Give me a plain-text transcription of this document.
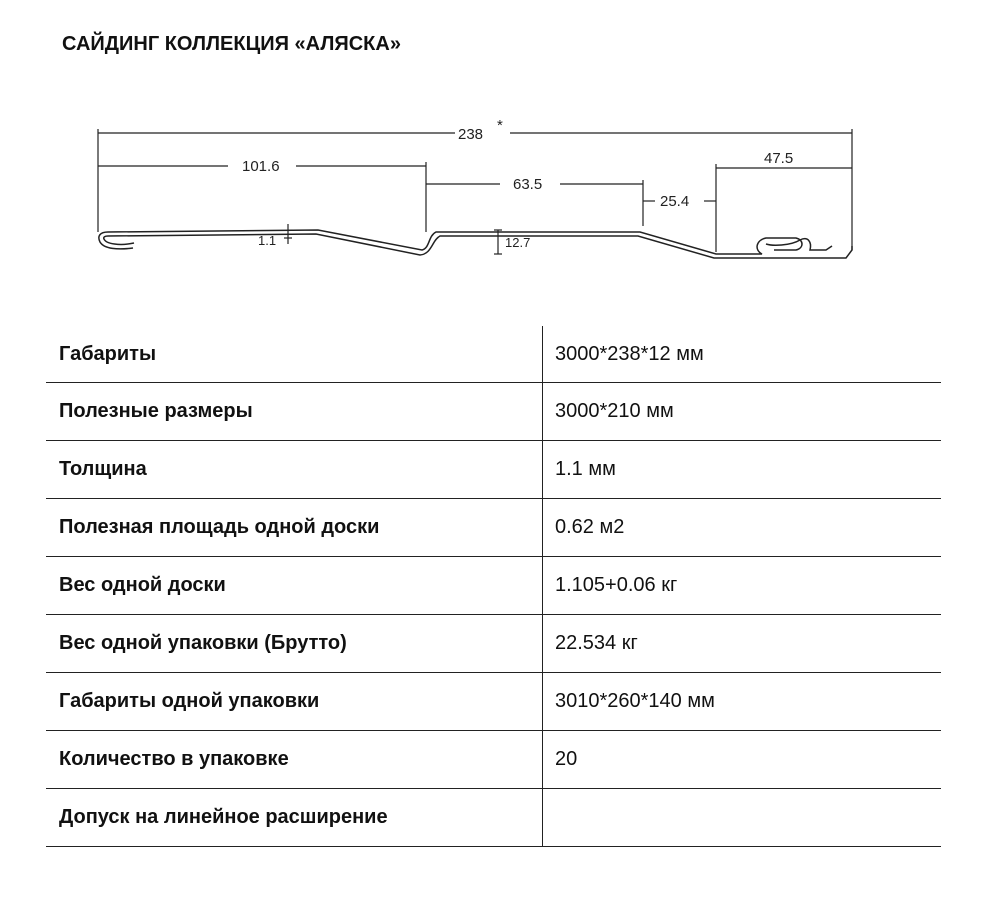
САЙДИНГ КОЛЛЕКЦИЯ «АЛЯСКА»
238
*
101.6
63.5
25.4
47.5
1.1	12.7
Габариты	3000*238*12 мм
Полезные размеры	3000*210 мм
Толщина	1.1 мм
Полезная площадь одной доски	0.62 м2
Вес одной доски	1.105+0.06 кг
Вес одной упаковки (Брутто)	22.534 кг
Габариты одной упаковки	3010*260*140 мм
Количество в упаковке	20
Допуск на линейное расширение	
